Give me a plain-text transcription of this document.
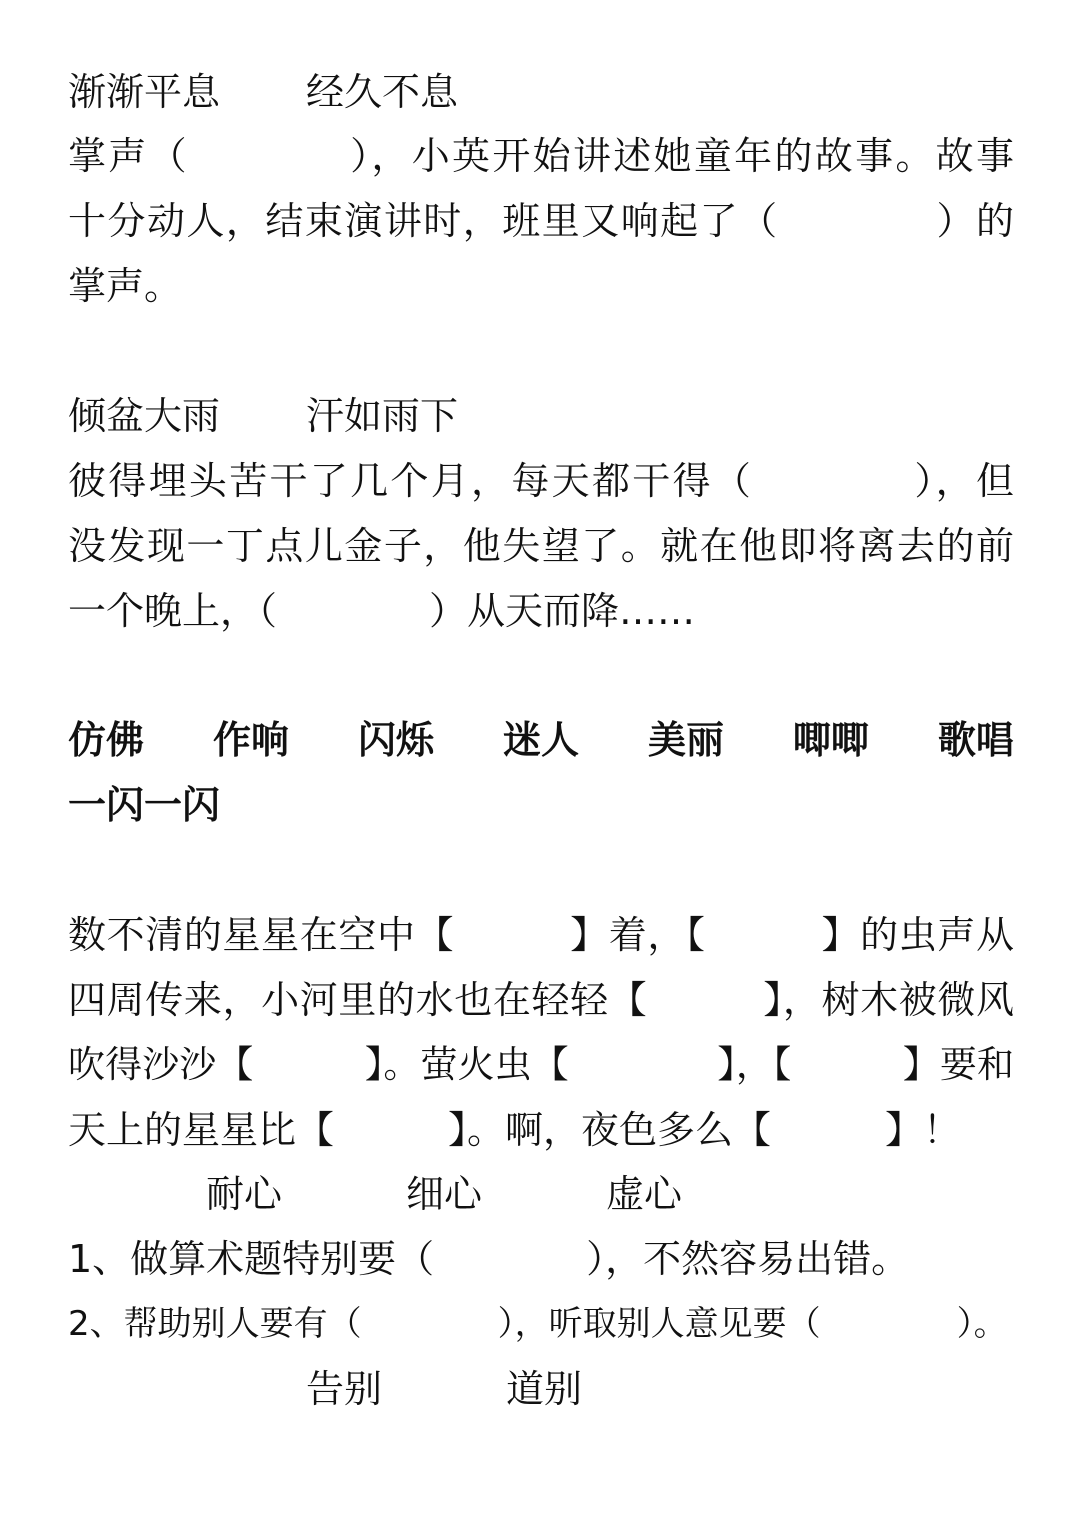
渐渐平息 经久不息
掌声（　　　　），小英开始讲述她童年的故事。故事
十分动人，结束演讲时，班里又响起了（　　　　）的
掌声。
倾盆大雨 汗如雨下
彼得埋头苦干了几个月，每天都干得（　　　　），但
没发现一丁点儿金子，他失望了。就在他即将离去的前
一个晚上，（　　　　）从天而降……
仿佛 作响 闪烁 迷人 美丽 唧唧 歌唱
一闪一闪
数不清的星星在空中【　　　】着，【　　　】的虫声从
四周传来，小河里的水也在轻轻【　　　】，树木被微风
吹得沙沙【　　　】。萤火虫【　　　　】，【　　　】要和
天上的星星比【　　　】。啊，夜色多么【　　　】！
耐心	细心	虚心
1、做算术题特别要（　　　　），不然容易出错。
2、帮助别人要有（　　　　），听取别人意见要（　　　　）。
告别	道别
